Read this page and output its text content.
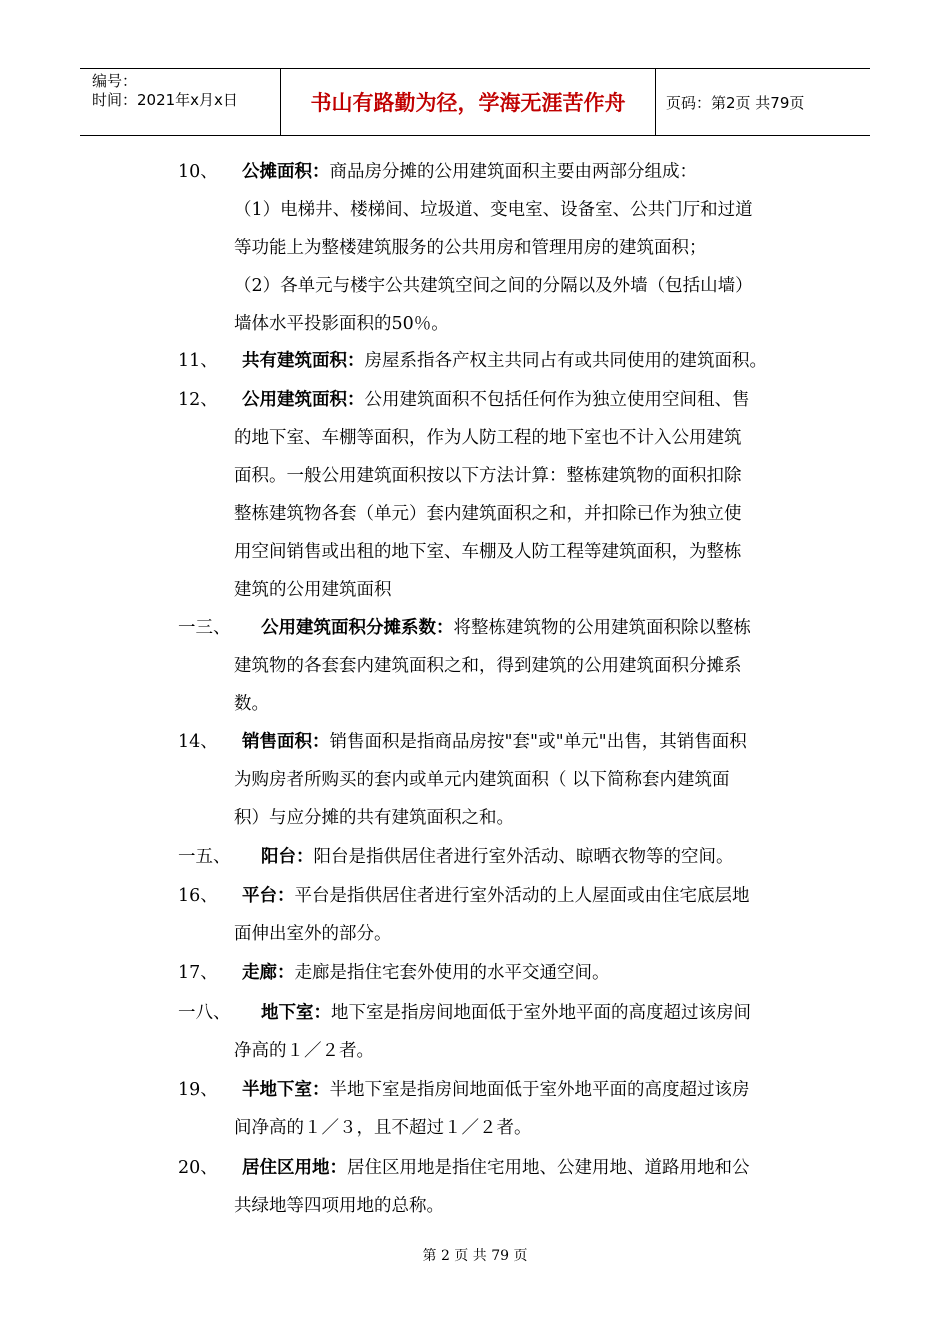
编号：
时间：2021年x月x日	书山有路勤为径，学海无涯苦作舟	页码：第2页 共79页
10、 公摊面积：商品房分摊的公用建筑面积主要由两部分组成：
（1）电梯井、楼梯间、垃圾道、变电室、设备室、公共门厅和过道
等功能上为整楼建筑服务的公共用房和管理用房的建筑面积；
（2）各单元与楼宇公共建筑空间之间的分隔以及外墙（包括山墙）
墙体水平投影面积的50％。
11、 共有建筑面积：房屋系指各产权主共同占有或共同使用的建筑面积。
12、 公用建筑面积：公用建筑面积不包括任何作为独立使用空间租、售
的地下室、车棚等面积，作为人防工程的地下室也不计入公用建筑
面积。一般公用建筑面积按以下方法计算：整栋建筑物的面积扣除
整栋建筑物各套（单元）套内建筑面积之和，并扣除已作为独立使
用空间销售或出租的地下室、车棚及人防工程等建筑面积，为整栋
建筑的公用建筑面积
一三、 公用建筑面积分摊系数：将整栋建筑物的公用建筑面积除以整栋
建筑物的各套套内建筑面积之和，得到建筑的公用建筑面积分摊系
数。
14、 销售面积：销售面积是指商品房按"套"或"单元"出售，其销售面积
为购房者所购买的套内或单元内建筑面积（ 以下简称套内建筑面
积）与应分摊的共有建筑面积之和。
一五、 阳台：阳台是指供居住者进行室外活动、晾晒衣物等的空间。
16、 平台：平台是指供居住者进行室外活动的上人屋面或由住宅底层地
面伸出室外的部分。
17、 走廊：走廊是指住宅套外使用的水平交通空间。
一八、 地下室：地下室是指房间地面低于室外地平面的高度超过该房间
净高的１／２者。
19、 半地下室：半地下室是指房间地面低于室外地平面的高度超过该房
间净高的１／３，且不超过１／２者。
20、 居住区用地：居住区用地是指住宅用地、公建用地、道路用地和公
共绿地等四项用地的总称。
第 2 页 共 79 页
